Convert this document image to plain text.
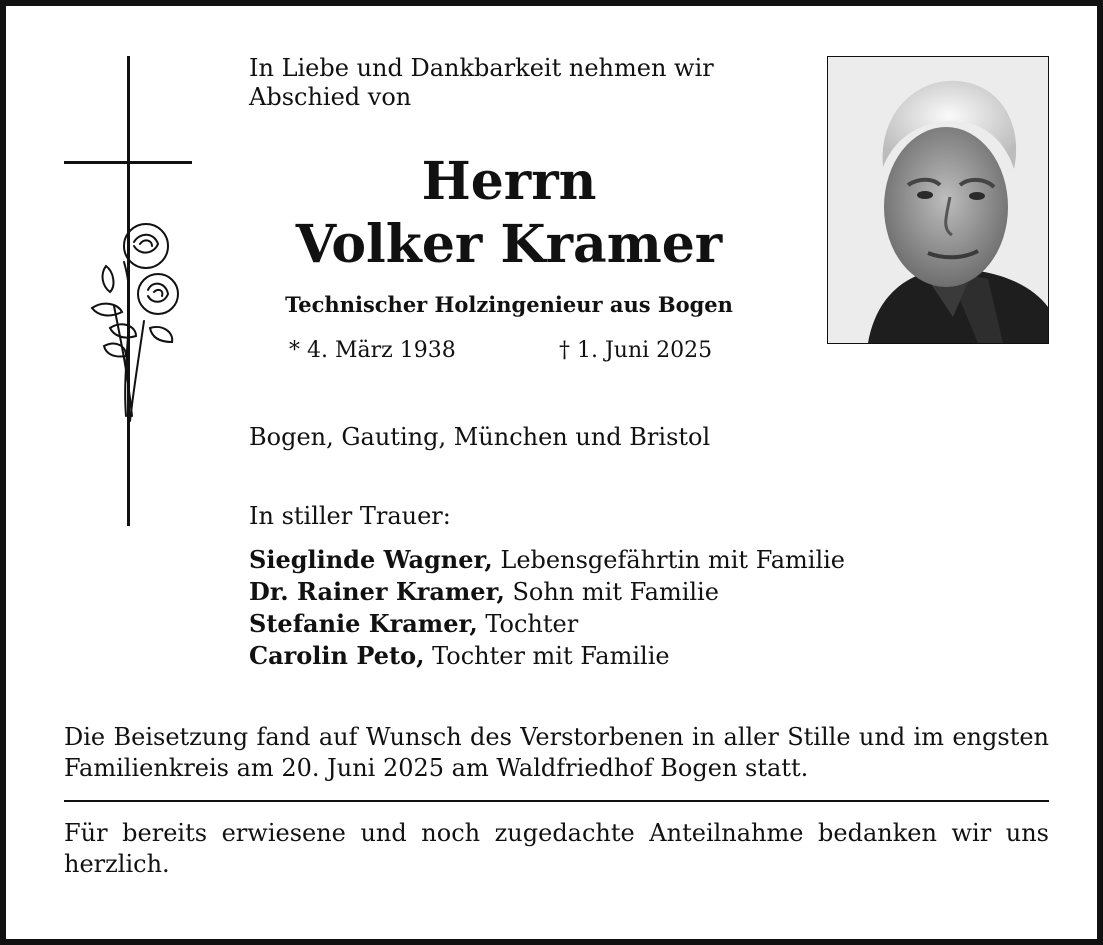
In Liebe und Dankbarkeit nehmen wir Abschied von

Herrn
Volker Kramer
Technischer Holzingenieur aus Bogen
* 4. März 1938	† 1. Juni 2025
Bogen, Gauting, München und Bristol
In stiller Trauer:
Sieglinde Wagner, Lebensgefährtin mit Familie
Dr. Rainer Kramer, Sohn mit Familie
Stefanie Kramer, Tochter
Carolin Peto, Tochter mit Familie

Die Beisetzung fand auf Wunsch des Verstorbenen in aller Stille und im engsten Familienkreis am 20. Juni 2025 am Waldfriedhof Bogen statt.

Für bereits erwiesene und noch zugedachte Anteilnahme bedanken wir uns herzlich.
